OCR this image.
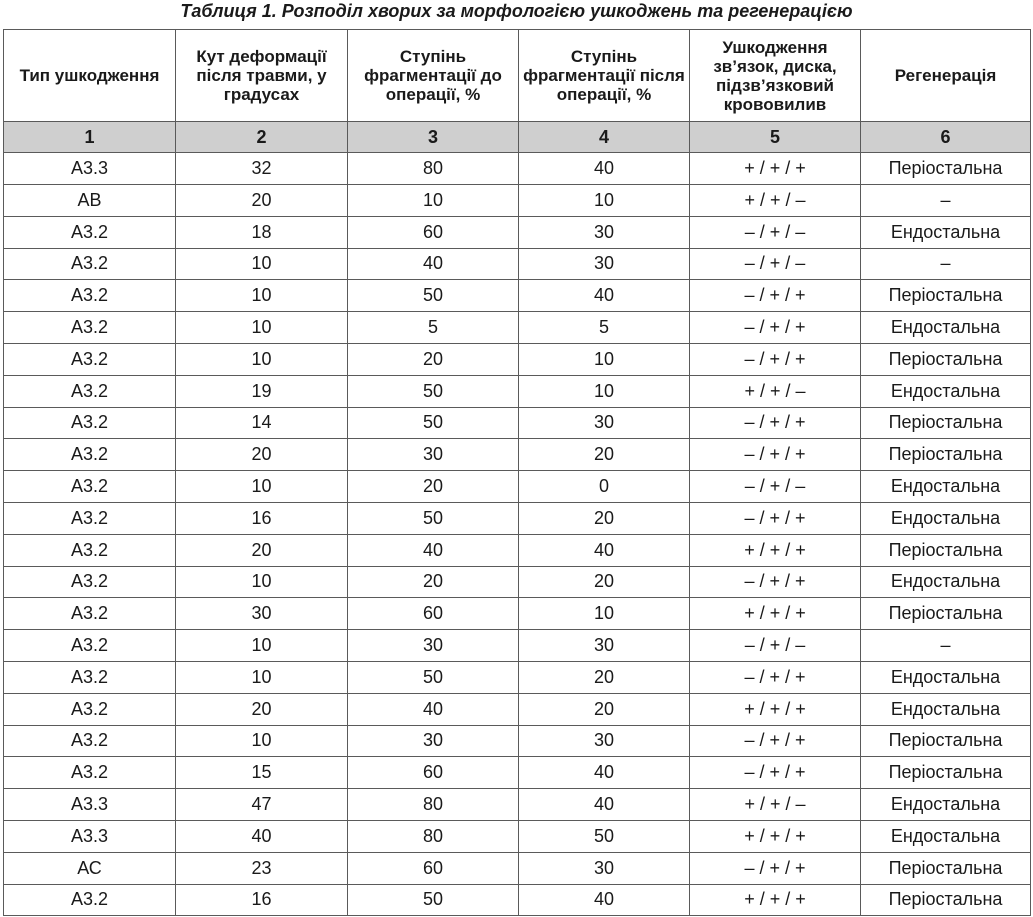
Таблиця 1. Розподіл хворих за морфологією ушкоджень та регенерацією
Тип ушкодження	Кут деформації після травми, у градусах	Ступінь фрагментації до операції, %	Ступінь фрагментації після операції, %	Ушкодження зв’язок, диска, підзв’язковий крововилив	Регенерація
1	2	3	4	5	6
А3.3	32	80	40	+ / + / +	Періостальна
АВ	20	10	10	+ / + / –	–
А3.2	18	60	30	– / + / –	Ендостальна
А3.2	10	40	30	– / + / –	–
А3.2	10	50	40	– / + / +	Періостальна
А3.2	10	5	5	– / + / +	Ендостальна
А3.2	10	20	10	– / + / +	Періостальна
А3.2	19	50	10	+ / + / –	Ендостальна
А3.2	14	50	30	– / + / +	Періостальна
А3.2	20	30	20	– / + / +	Періостальна
А3.2	10	20	0	– / + / –	Ендостальна
А3.2	16	50	20	– / + / +	Ендостальна
А3.2	20	40	40	+ / + / +	Періостальна
А3.2	10	20	20	– / + / +	Ендостальна
А3.2	30	60	10	+ / + / +	Періостальна
А3.2	10	30	30	– / + / –	–
А3.2	10	50	20	– / + / +	Ендостальна
А3.2	20	40	20	+ / + / +	Ендостальна
А3.2	10	30	30	– / + / +	Періостальна
А3.2	15	60	40	– / + / +	Періостальна
А3.3	47	80	40	+ / + / –	Ендостальна
А3.3	40	80	50	+ / + / +	Ендостальна
АС	23	60	30	– / + / +	Періостальна
А3.2	16	50	40	+ / + / +	Періостальна
